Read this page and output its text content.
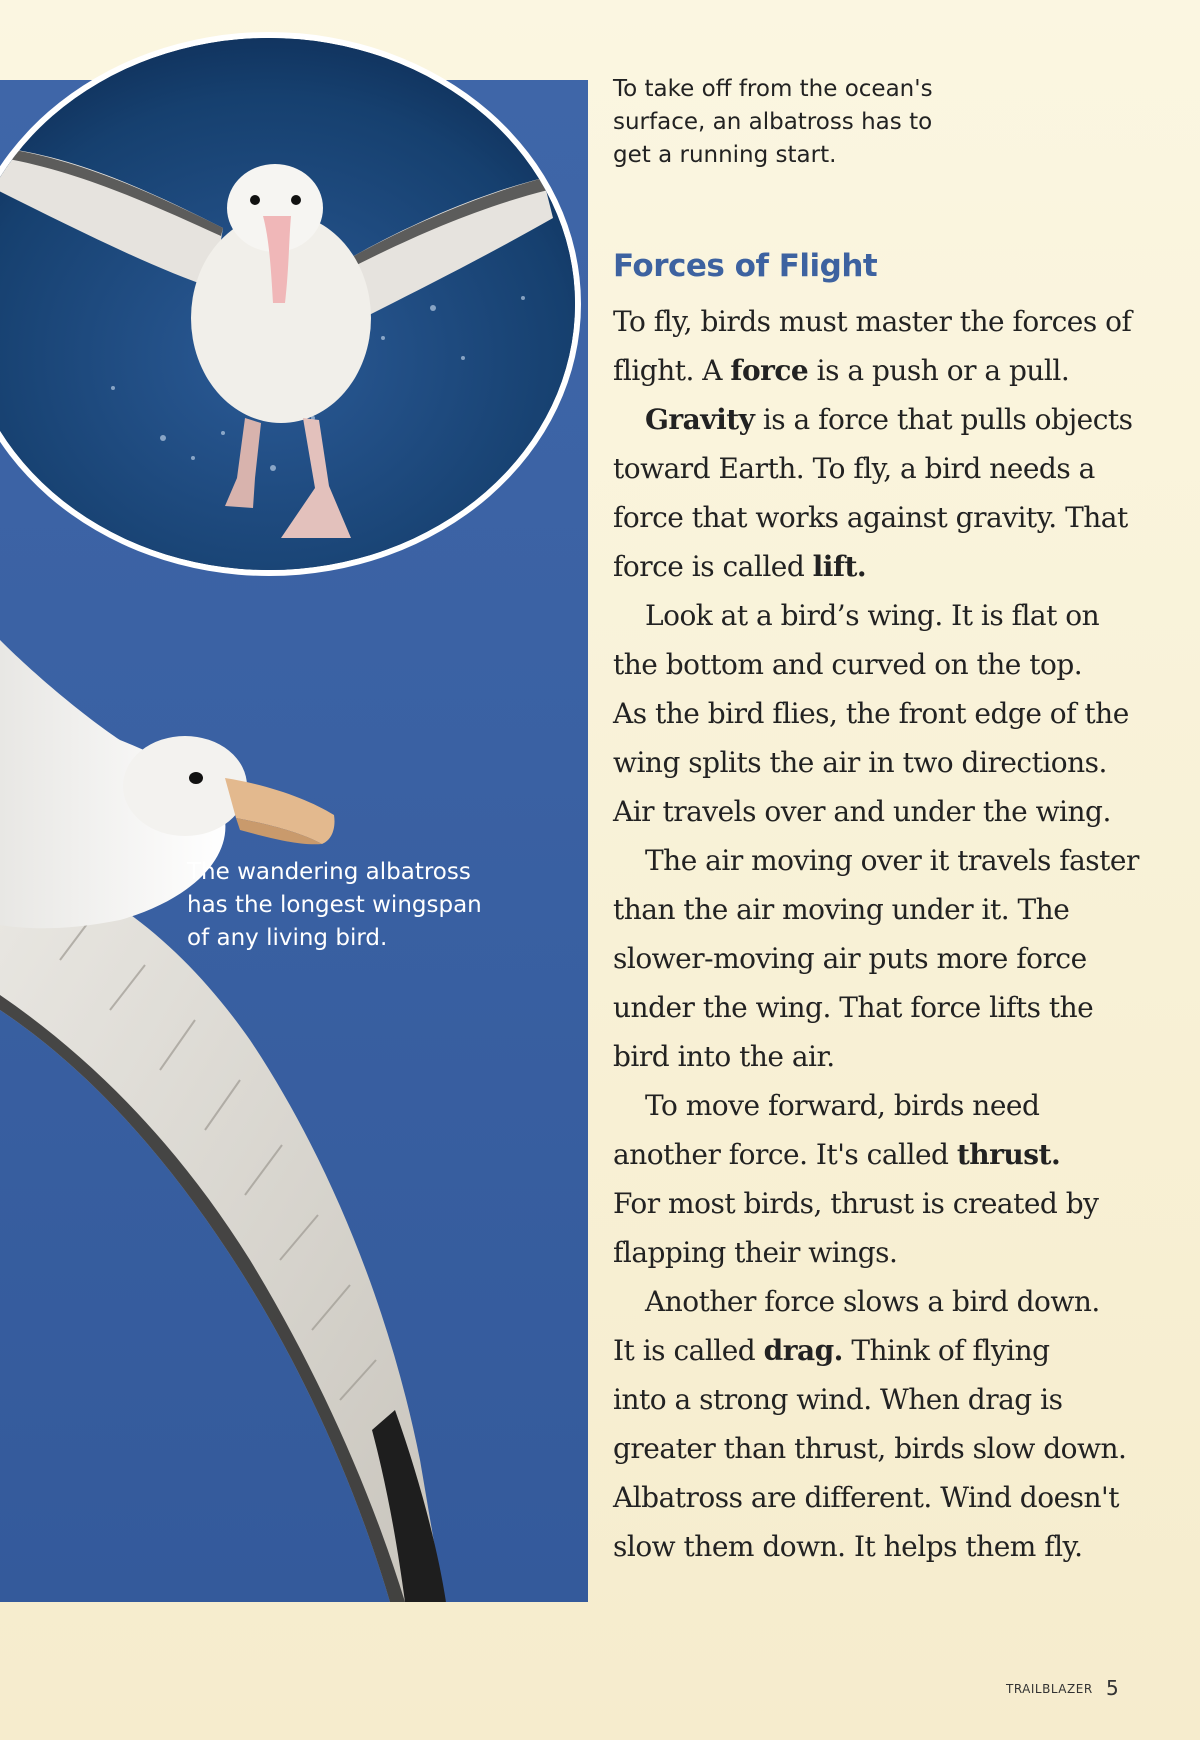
To take off from the ocean's
surface, an albatross has to
get a running start.
The wandering albatross
has the longest wingspan
of any living bird.
Forces of Flight

To fly, birds must master the forces of
flight. A force is a push or a pull.

Gravity is a force that pulls objects
toward Earth. To fly, a bird needs a
force that works against gravity. That
force is called lift.

Look at a bird’s wing. It is flat on
the bottom and curved on the top.
As the bird flies, the front edge of the
wing splits the air in two directions.
Air travels over and under the wing.

The air moving over it travels faster
than the air moving under it. The
slower-moving air puts more force
under the wing. That force lifts the
bird into the air.

To move forward, birds need
another force. It's called thrust.
For most birds, thrust is created by
flapping their wings.

Another force slows a bird down.
It is called drag. Think of flying
into a strong wind. When drag is
greater than thrust, birds slow down.
Albatross are different. Wind doesn't
slow them down. It helps them fly.

TRAILBLAZER 5
